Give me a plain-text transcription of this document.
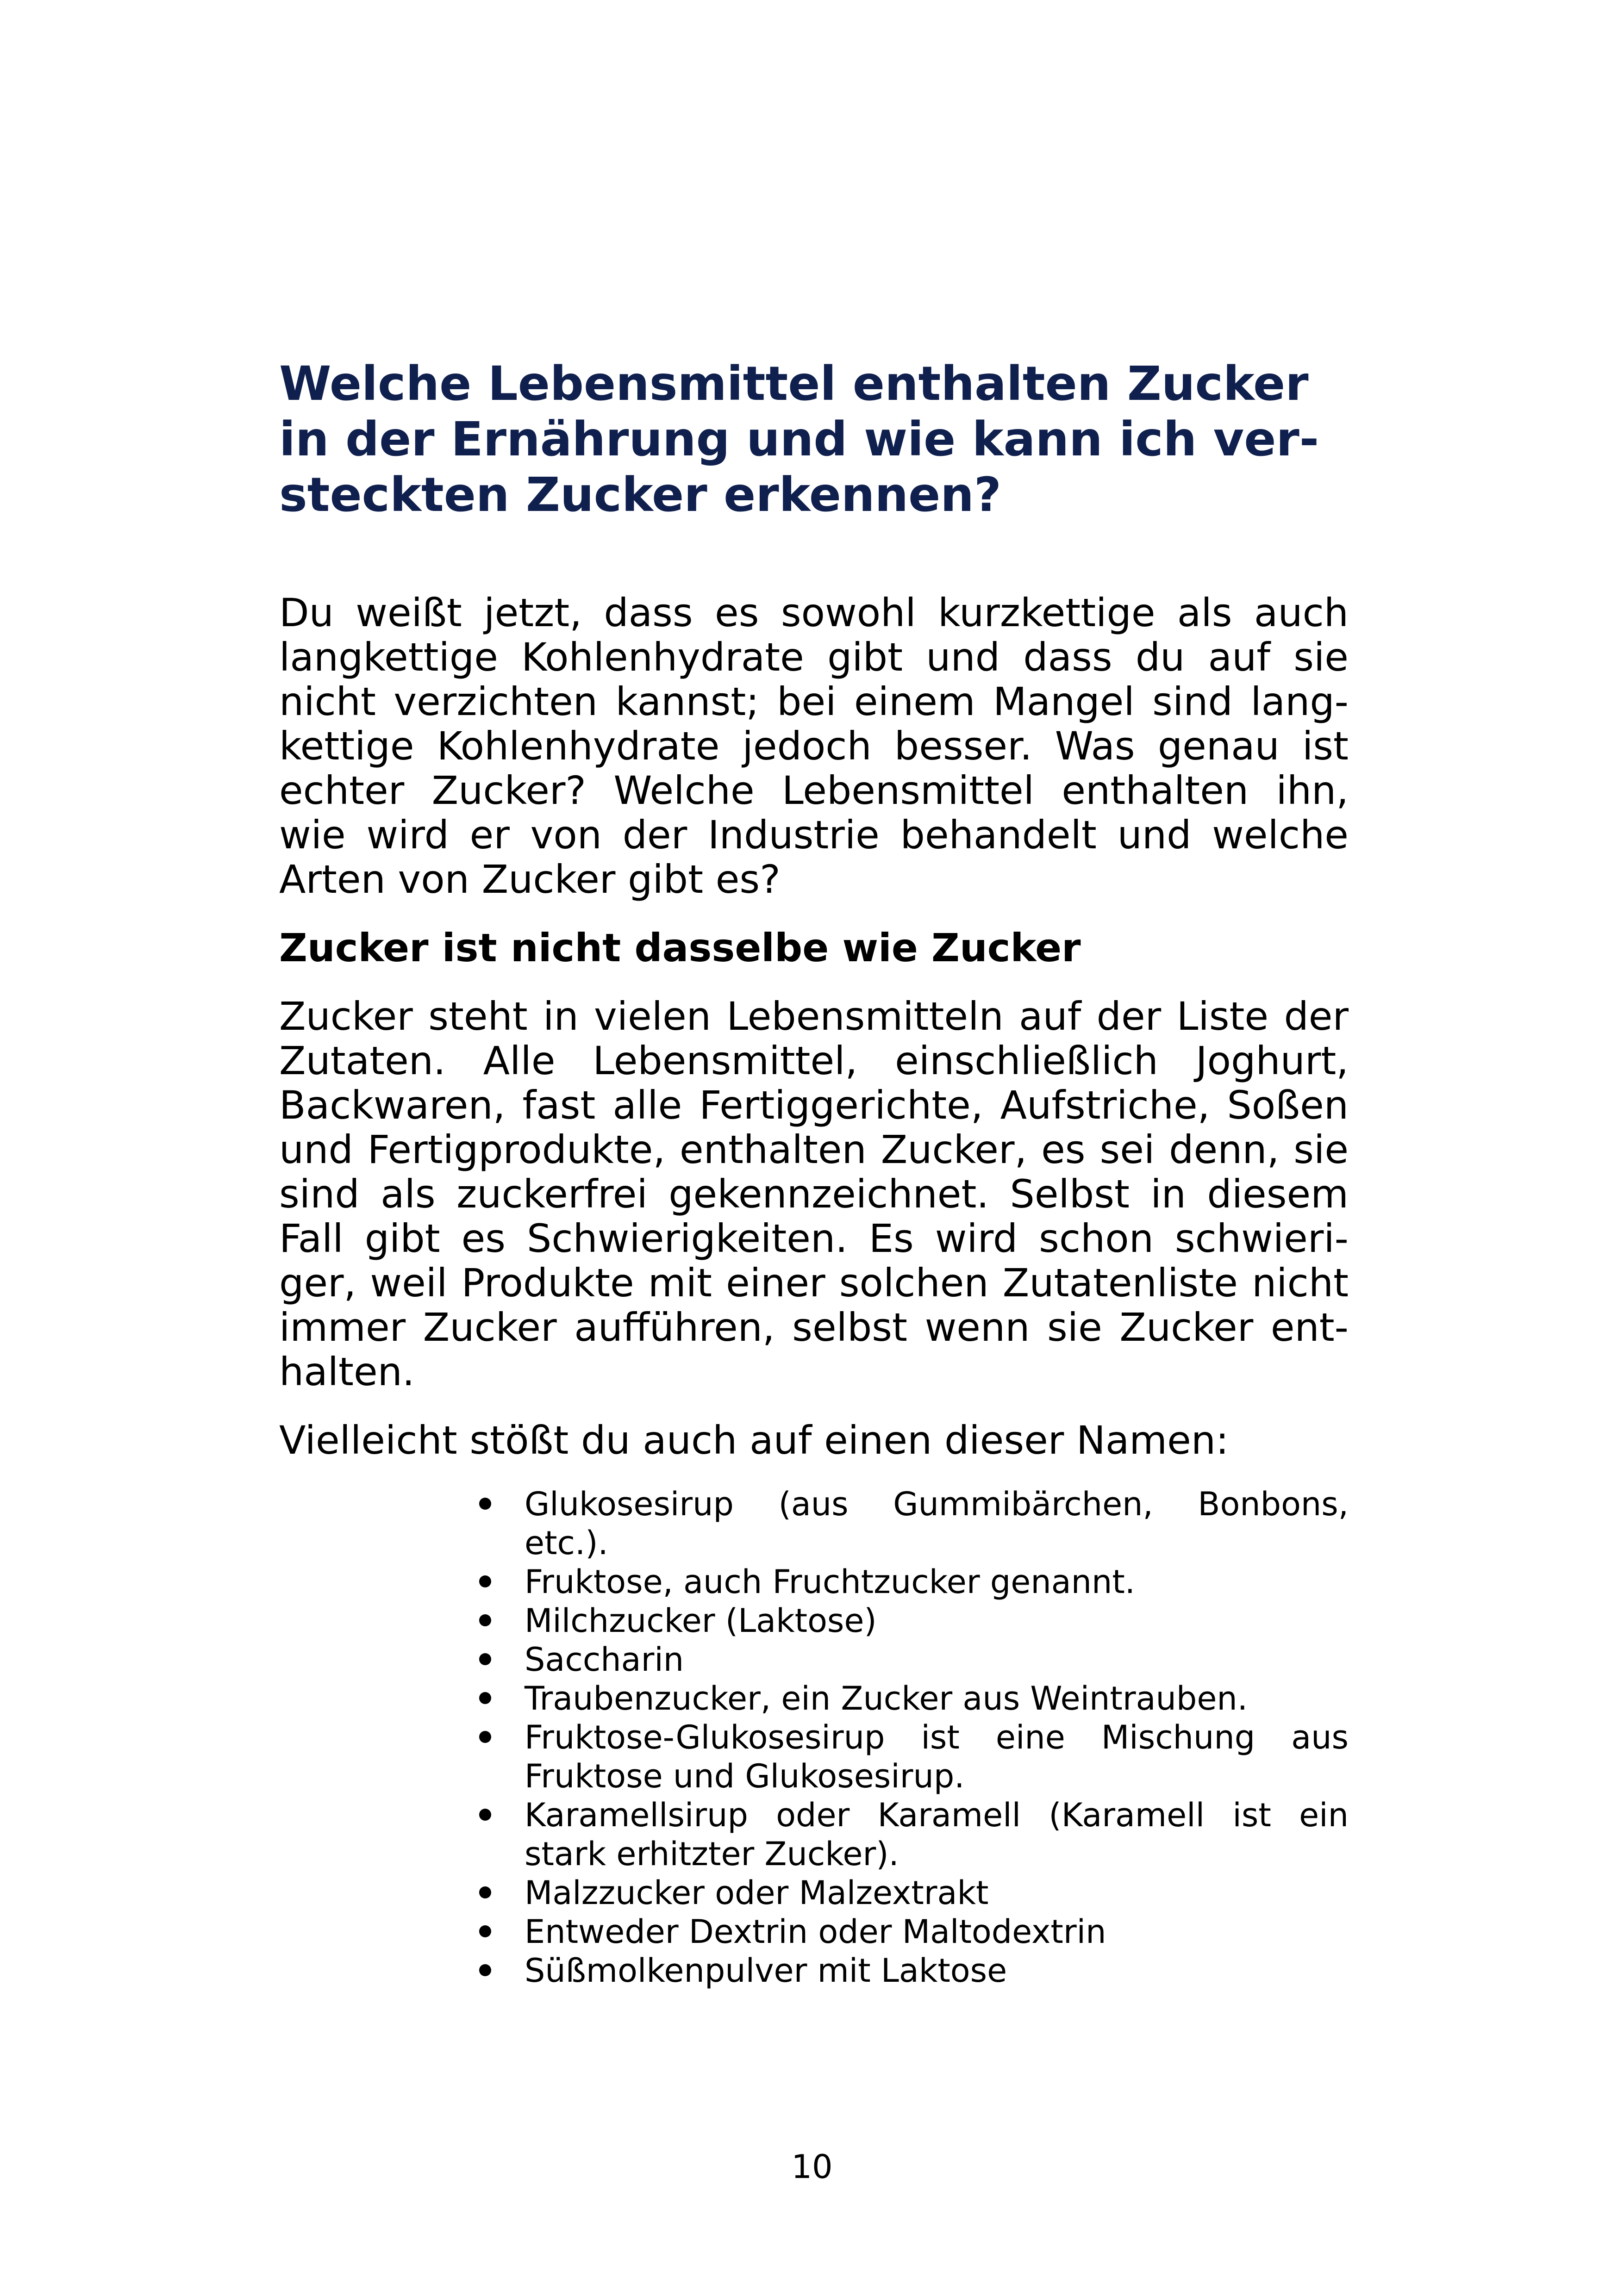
Welche Lebensmittel enthalten Zucker
in der Ernährung und wie kann ich ver-
steckten Zucker erkennen?

Du weißt jetzt, dass es sowohl kurzkettige als auch
langkettige Kohlenhydrate gibt und dass du auf sie
nicht verzichten kannst; bei einem Mangel sind lang-
kettige Kohlenhydrate jedoch besser. Was genau ist
echter Zucker? Welche Lebensmittel enthalten ihn,
wie wird er von der Industrie behandelt und welche
Arten von Zucker gibt es?

Zucker ist nicht dasselbe wie Zucker

Zucker steht in vielen Lebensmitteln auf der Liste der
Zutaten. Alle Lebensmittel, einschließlich Joghurt,
Backwaren, fast alle Fertiggerichte, Aufstriche, Soßen
und Fertigprodukte, enthalten Zucker, es sei denn, sie
sind als zuckerfrei gekennzeichnet. Selbst in diesem
Fall gibt es Schwierigkeiten. Es wird schon schwieri-
ger, weil Produkte mit einer solchen Zutatenliste nicht
immer Zucker aufführen, selbst wenn sie Zucker ent-
halten.

Vielleicht stößt du auch auf einen dieser Namen:

Glukosesirup (aus Gummibärchen, Bonbons,
etc.).
Fruktose, auch Fruchtzucker genannt.
Milchzucker (Laktose)
Saccharin
Traubenzucker, ein Zucker aus Weintrauben.
Fruktose-Glukosesirup ist eine Mischung aus
Fruktose und Glukosesirup.
Karamellsirup oder Karamell (Karamell ist ein
stark erhitzter Zucker).
Malzzucker oder Malzextrakt
Entweder Dextrin oder Maltodextrin
Süßmolkenpulver mit Laktose
10
